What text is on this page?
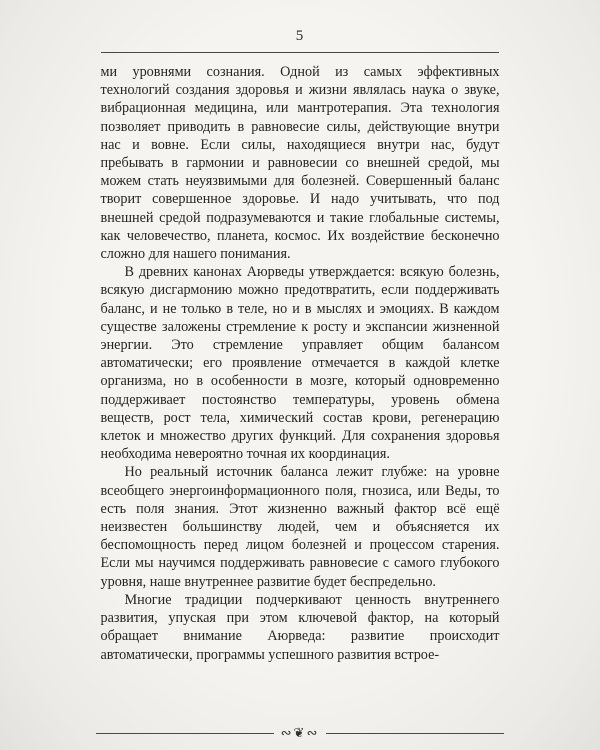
5

ми уровнями сознания. Одной из самых эффективных технологий создания здоровья и жизни являлась наука о звуке, вибрационная медицина, или мантротерапия. Эта технология позволяет приводить в равновесие силы, действующие внутри нас и вовне. Если силы, находящиеся внутри нас, будут пребывать в гармонии и равновесии со внешней средой, мы можем стать неуязвимыми для болезней. Совершенный баланс творит совершенное здоровье. И надо учитывать, что под внешней средой подразумеваются и такие глобальные системы, как человечество, планета, космос. Их воздействие бесконечно сложно для нашего понимания.

В древних канонах Аюрведы утверждается: всякую болезнь, всякую дисгармонию можно предотвратить, если поддерживать баланс, и не только в теле, но и в мыслях и эмоциях. В каждом существе заложены стремление к росту и экспансии жизненной энергии. Это стремление управляет общим балансом автоматически; его проявление отмечается в каждой клетке организма, но в особенности в мозге, который одновременно поддерживает постоянство температуры, уровень обмена веществ, рост тела, химический состав крови, регенерацию клеток и множество других функций. Для сохранения здоровья необходима невероятно точная их координация.

Но реальный источник баланса лежит глубже: на уровне всеобщего энергоинформационного поля, гнозиса, или Веды, то есть поля знания. Этот жизненно важный фактор всё ещё неизвестен большинству людей, чем и объясняется их беспомощность перед лицом болезней и процессом старения. Если мы научимся поддерживать равновесие с самого глубокого уровня, наше внутреннее развитие будет беспредельно.

Многие традиции подчеркивают ценность внутреннего развития, упуская при этом ключевой фактор, на который обращает внимание Аюрведа: развитие происходит автоматически, программы успешного развития встрое-

∾❦∾
